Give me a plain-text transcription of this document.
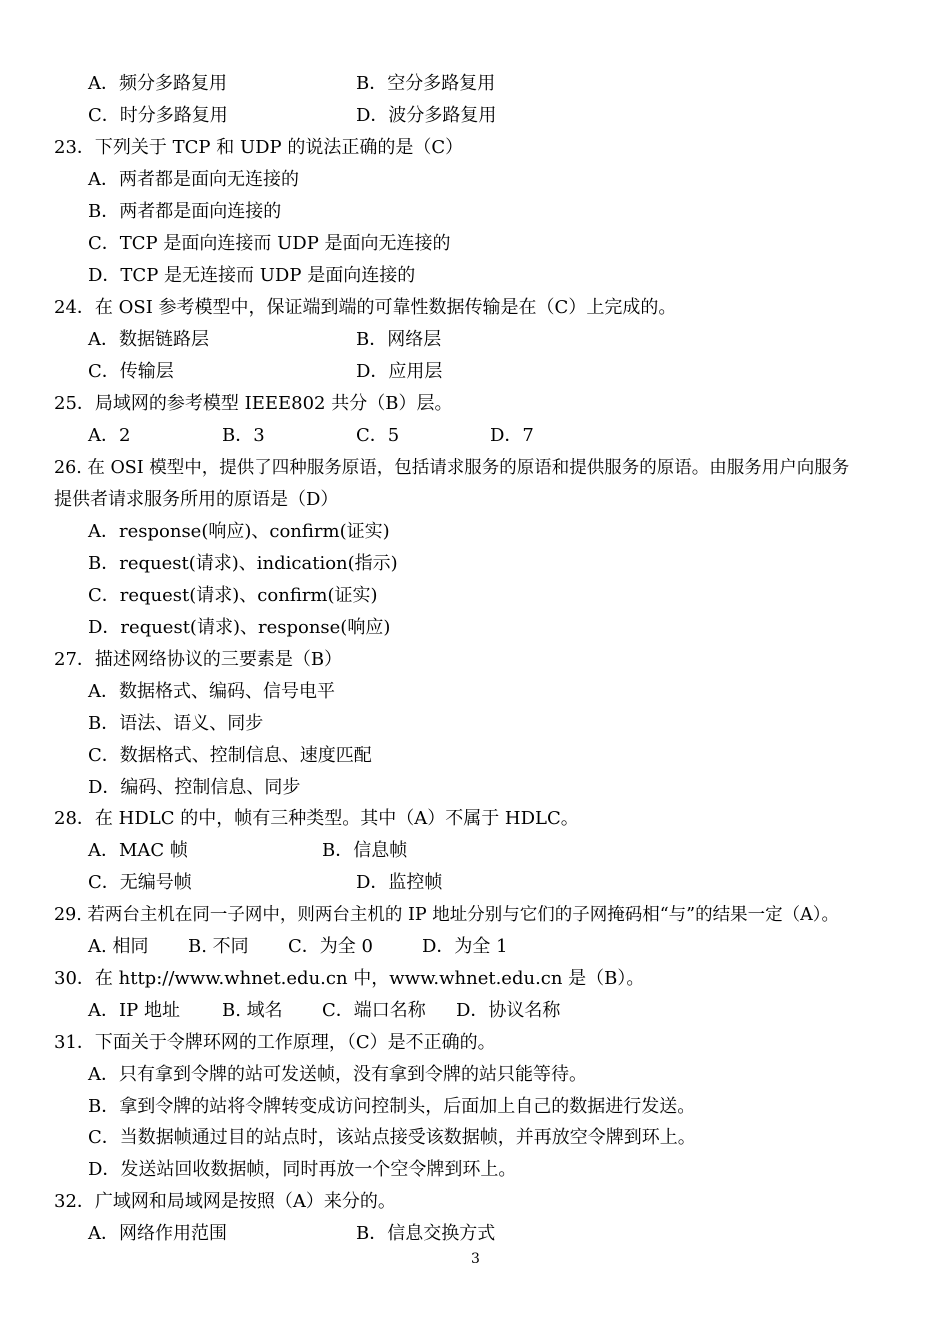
A．频分多路复用	B．空分多路复用
C．时分多路复用	D．波分多路复用
23．下列关于 TCP 和 UDP 的说法正确的是（C）
A．两者都是面向无连接的
B．两者都是面向连接的
C．TCP 是面向连接而 UDP 是面向无连接的
D．TCP 是无连接而 UDP 是面向连接的
24．在 OSI 参考模型中，保证端到端的可靠性数据传输是在（C）上完成的。
A．数据链路层	B．网络层
C．传输层	D．应用层
25．局域网的参考模型 IEEE802 共分（B）层。
A．2	B．3	C．5	D．7
26. 在 OSI 模型中，提供了四种服务原语，包括请求服务的原语和提供服务的原语。由服务用户向服务
提供者请求服务所用的原语是（D）
A．response(响应)、confirm(证实)
B．request(请求)、indication(指示)
C．request(请求)、confirm(证实)
D．request(请求)、response(响应)
27．描述网络协议的三要素是（B）
A．数据格式、编码、信号电平
B．语法、语义、同步
C．数据格式、控制信息、速度匹配
D．编码、控制信息、同步
28．在 HDLC 的中，帧有三种类型。其中（A）不属于 HDLC。
A．MAC 帧	B．信息帧
C．无编号帧	D．监控帧
29. 若两台主机在同一子网中，则两台主机的 IP 地址分别与它们的子网掩码相“与”的结果一定（A）。
A. 相同 B. 不同 C．为全 0	D．为全 1
30．在 http://www.whnet.edu.cn 中，www.whnet.edu.cn 是（B）。
A．IP 地址 B. 域名 C．端口名称 D．协议名称
31．下面关于令牌环网的工作原理，（C）是不正确的。
A．只有拿到令牌的站可发送帧，没有拿到令牌的站只能等待。
B．拿到令牌的站将令牌转变成访问控制头，后面加上自己的数据进行发送。
C．当数据帧通过目的站点时，该站点接受该数据帧，并再放空令牌到环上。
D．发送站回收数据帧，同时再放一个空令牌到环上。
32．广域网和局域网是按照（A）来分的。
A．网络作用范围	B．信息交换方式
3
